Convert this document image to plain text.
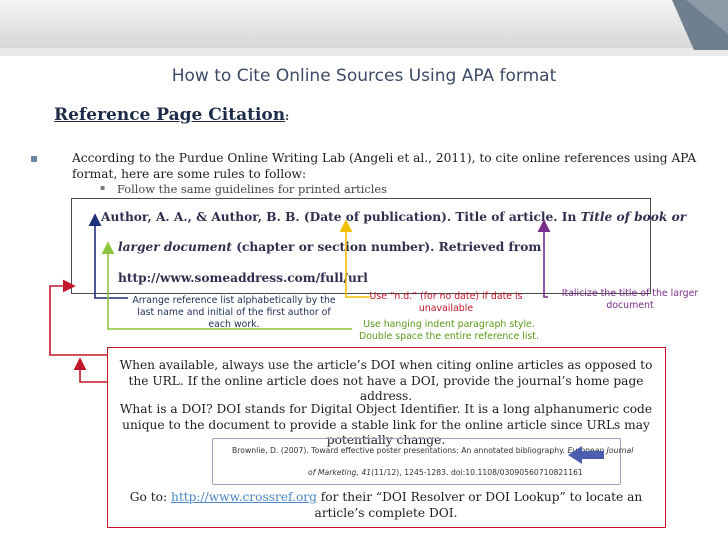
How to Cite Online Sources Using APA format
Reference Page Citation:
▪	According to the Purdue Online Writing Lab (Angeli et al., 2011), to cite online references using APA format, here are some rules to follow:
▪ Follow the same guidelines for printed articles
Author, A. A., & Author, B. B. (Date of publication). Title of article. In Title of book or
larger document (chapter or section number). Retrieved from
http://www.someaddress.com/full/url
Arrange reference list alphabetically by the last name and initial of the first author of each work.
Use “n.d.” (for no date) if date is unavailable
Italicize the title of the larger document
Use hanging indent paragraph style. Double space the entire reference list.
When available, always use the article’s DOI when citing online articles as opposed to the URL. If the online article does not have a DOI, provide the journal’s home page address.
What is a DOI? DOI stands for Digital Object Identifier. It is a long alphanumeric code unique to the document to provide a stable link for the online article since URLs may potentially change.
Brownlie, D. (2007). Toward effective poster presentations: An annotated bibliography. European Journal
of Marketing, 41(11/12), 1245-1283. doi:10.1108/03090560710821161
Go to: http://www.crossref.org for their “DOI Resolver or DOI Lookup” to locate an article’s complete DOI.
